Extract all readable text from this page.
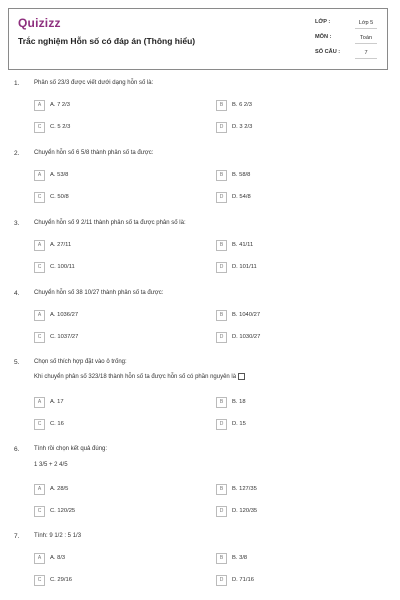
Quizizz
Trắc nghiệm Hỗn số có đáp án (Thông hiểu)
LỚP :	Lớp 5
MÔN :	Toán
SỐ CÂU :	7
1. Phân số 23/3 được viết dưới dạng hỗn số là:
A	A. 7 2/3	B	B. 6 2/3
C	C. 5 2/3	D	D. 3 2/3
2. Chuyển hỗn số 6 5/8 thành phân số ta được:
A	A. 53/8	B	B. 58/8
C	C. 50/8	D	D. 54/8
3. Chuyển hỗn số 9 2/11 thành phân số ta được phân số là:
A	A. 27/11	B	B. 41/11
C	C. 100/11	D	D. 101/11
4. Chuyển hỗn số 38 10/27 thành phân số ta được:
A	A. 1036/27	B	B. 1040/27
C	C. 1037/27	D	D. 1030/27
5. Chọn số thích hợp đặt vào ô trống:
Khi chuyển phân số 323/18 thành hỗn số ta được hỗn số có phần nguyên là
A	A. 17	B	B. 18
C	C. 16	D	D. 15
6. Tính rồi chọn kết quả đúng:
1 3/5 + 2 4/5
A	A. 28/5	B	B. 127/35
C	C. 120/25	D	D. 120/35
7. Tính: 9 1/2 : 5 1/3
A	A. 8/3	B	B. 3/8
C	C. 29/16	D	D. 71/16
